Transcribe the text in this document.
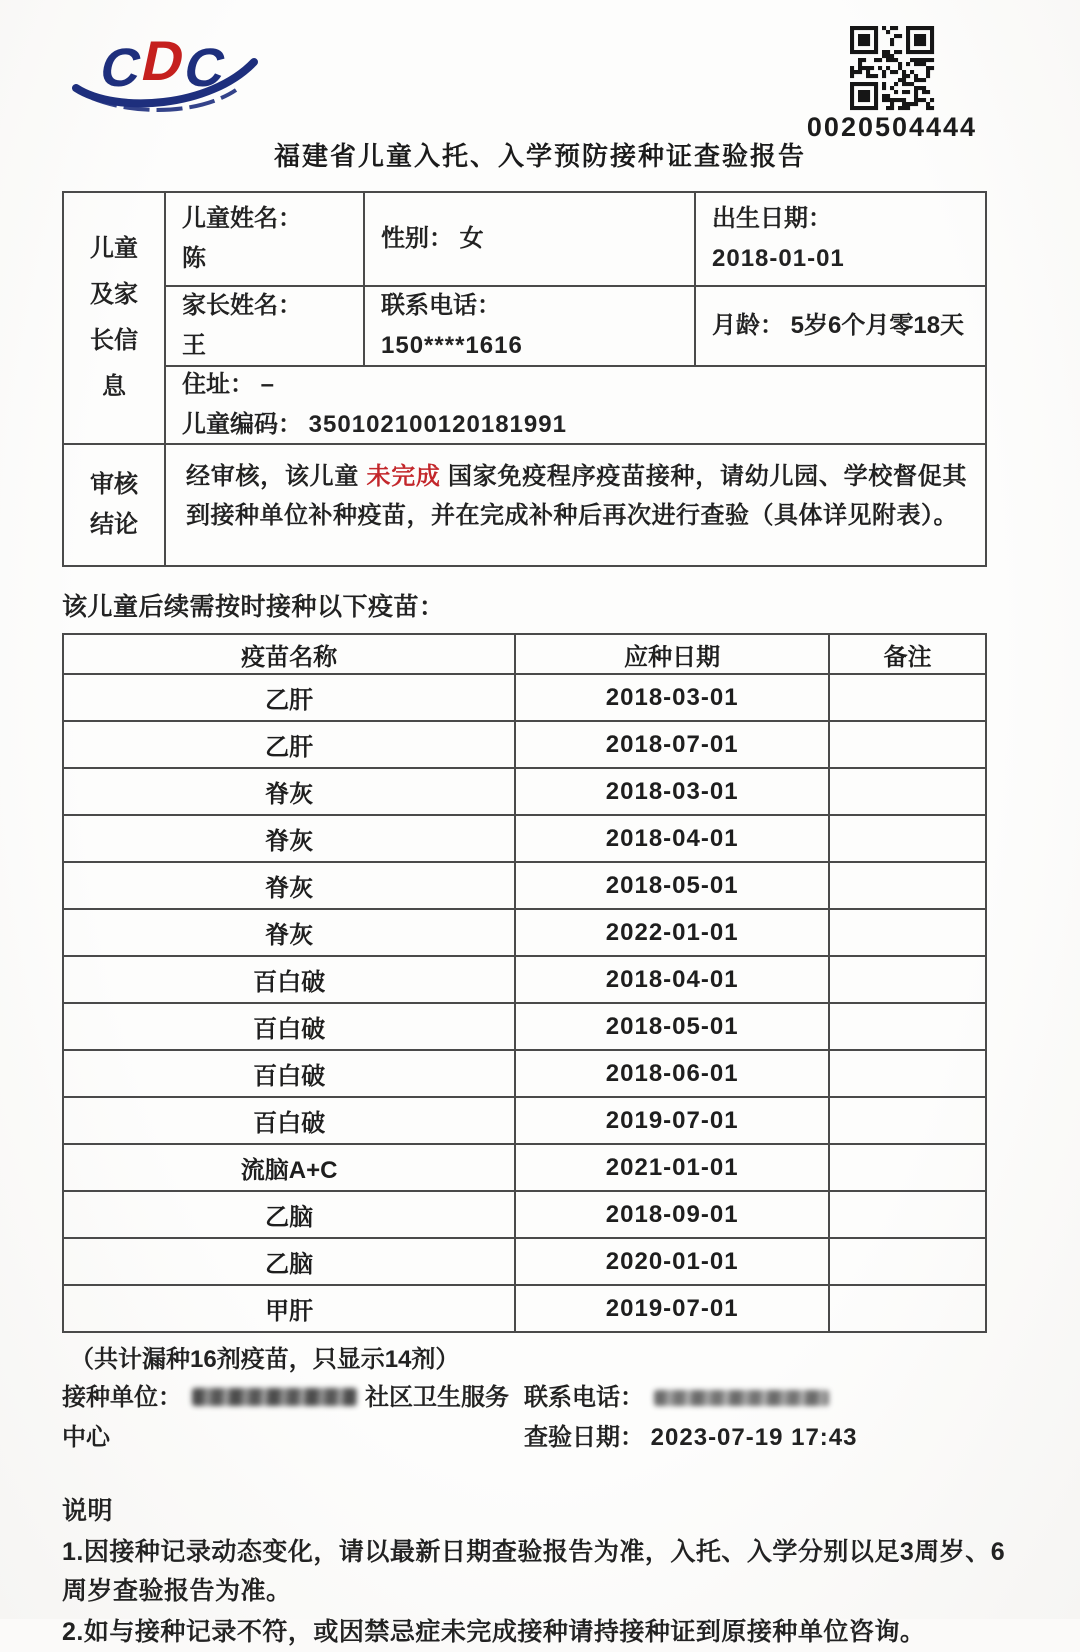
C
D
C
0020504444
福建省儿童入托、入学预防接种证查验报告
儿童及家长信息
儿童姓名：
陈
性别： 女
出生日期：
2018-01-01
家长姓名：
王
联系电话：
150****1616
月龄： 5岁6个月零18天
住址： –
儿童编码： 350102100120181991
审核结论
经审核，该儿童 未完成 国家免疫程序疫苗接种，请幼儿园、学校督促其到接种单位补种疫苗，并在完成补种后再次进行查验（具体详见附表）。
该儿童后续需按时接种以下疫苗：
疫苗名称	应种日期	备注
乙肝	2018-03-01	
乙肝	2018-07-01	
脊灰	2018-03-01	
脊灰	2018-04-01	
脊灰	2018-05-01	
脊灰	2022-01-01	
百白破	2018-04-01	
百白破	2018-05-01	
百白破	2018-06-01	
百白破	2019-07-01	
流脑A+C	2021-01-01	
乙脑	2018-09-01	
乙脑	2020-01-01	
甲肝	2019-07-01	
（共计漏种16剂疫苗，只显示14剂）
接种单位：	社区卫生服务中心
联系电话：
查验日期： 2023-07-19 17:43
说明
1.因接种记录动态变化，请以最新日期查验报告为准，入托、入学分别以足3周岁、6周岁查验报告为准。
2.如与接种记录不符，或因禁忌症未完成接种请持接种证到原接种单位咨询。
